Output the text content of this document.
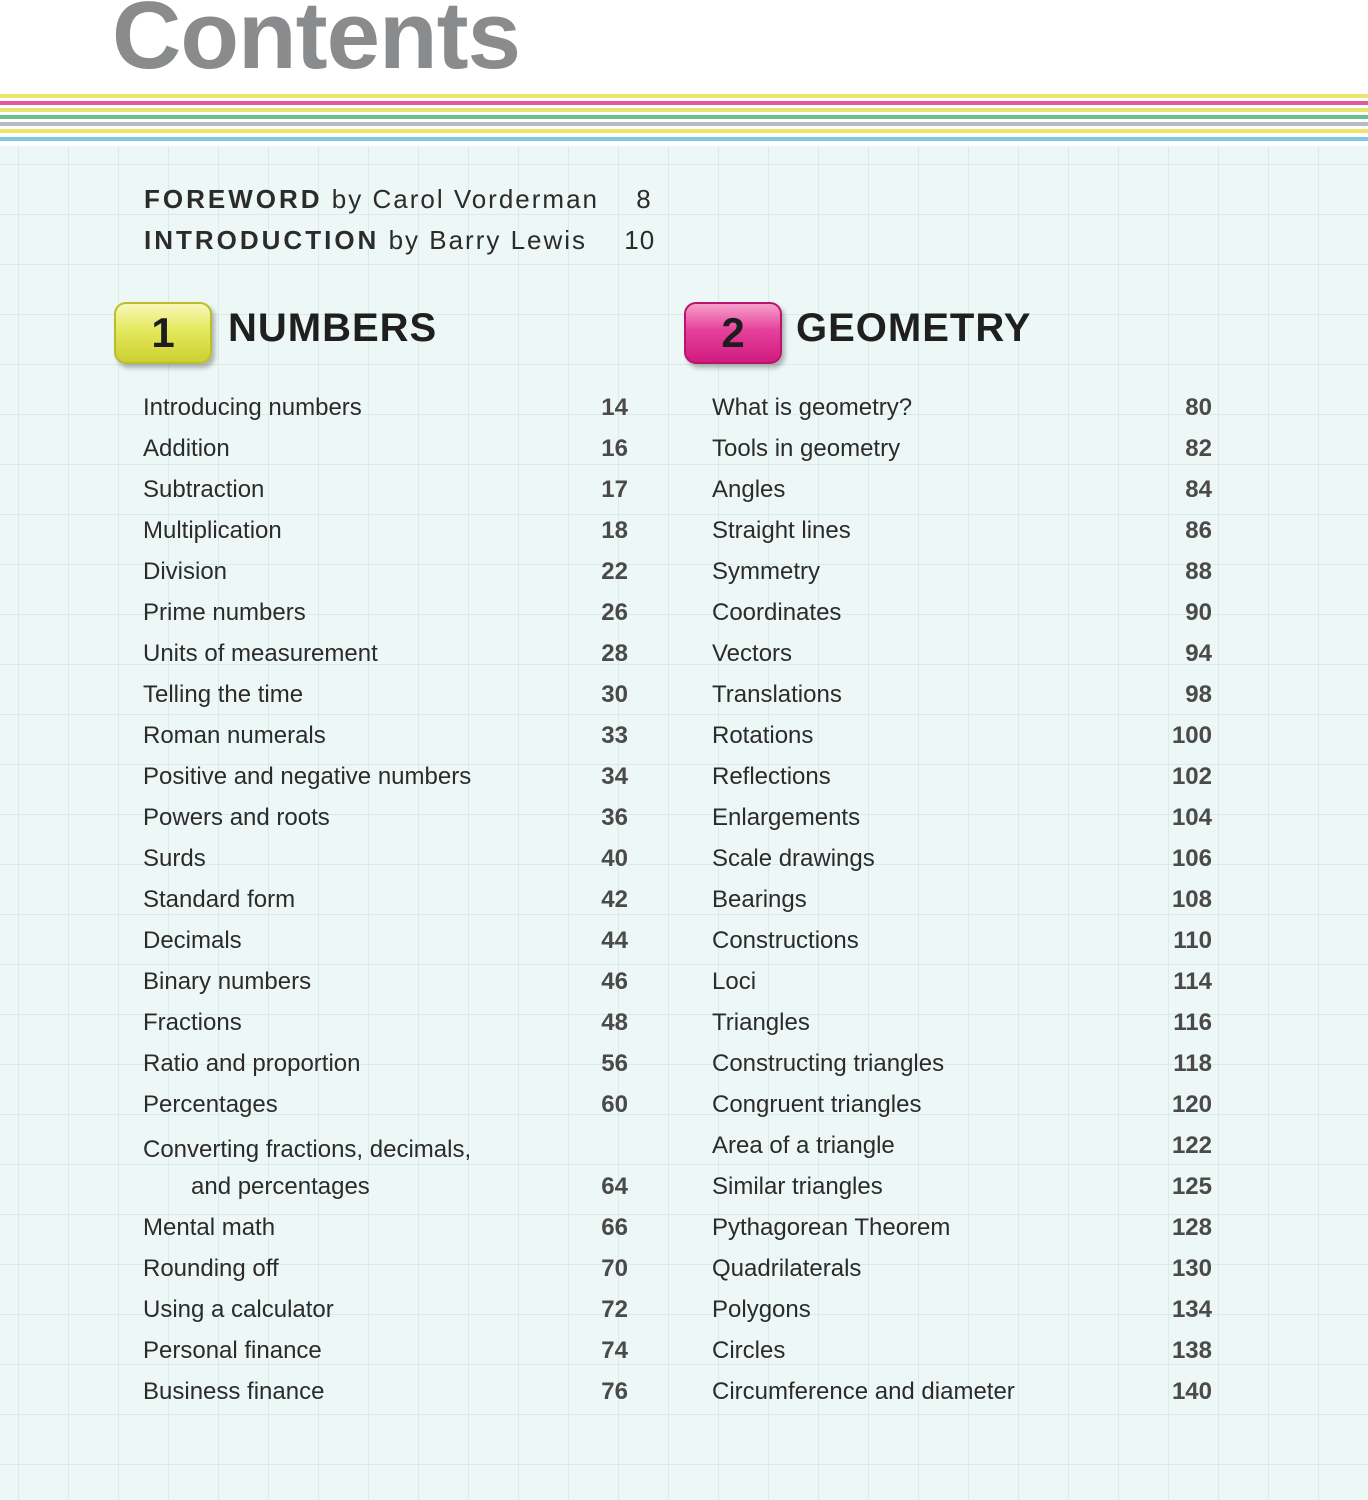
Contents
FOREWORD by Carol Vorderman 8
INTRODUCTION by Barry Lewis 10
1 NUMBERS	2 GEOMETRY
Introducing numbers	14
Addition	16
Subtraction	17
Multiplication	18
Division	22
Prime numbers	26
Units of measurement	28
Telling the time	30
Roman numerals	33
Positive and negative numbers	34
Powers and roots	36
Surds	40
Standard form	42
Decimals	44
Binary numbers	46
Fractions	48
Ratio and proportion	56
Percentages	60
Converting fractions, decimals,
and percentages	64
Mental math	66
Rounding off	70
Using a calculator	72
Personal finance	74
Business finance	76
What is geometry?	80
Tools in geometry	82
Angles	84
Straight lines	86
Symmetry	88
Coordinates	90
Vectors	94
Translations	98
Rotations	100
Reflections	102
Enlargements	104
Scale drawings	106
Bearings	108
Constructions	110
Loci	114
Triangles	116
Constructing triangles	118
Congruent triangles	120
Area of a triangle	122
Similar triangles	125
Pythagorean Theorem	128
Quadrilaterals	130
Polygons	134
Circles	138
Circumference and diameter	140
